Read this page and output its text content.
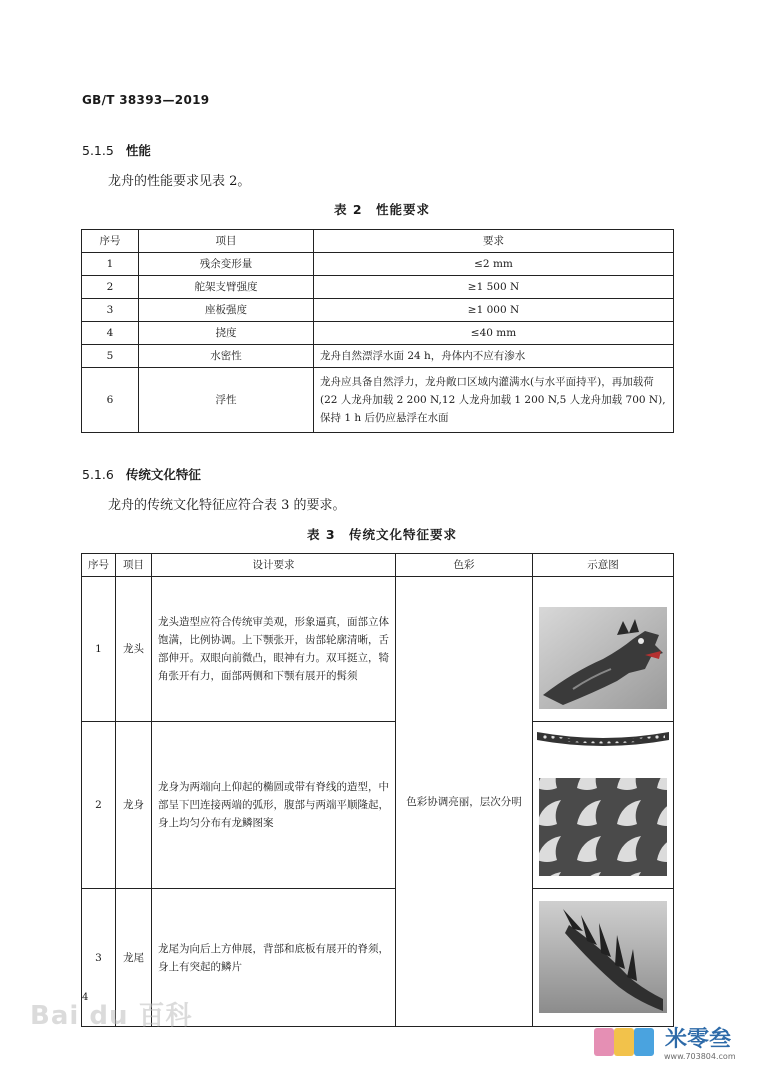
GB/T 38393—2019
5.1.5 性能
龙舟的性能要求见表 2。
表 2　性能要求
序号	项目	要求
1	残余变形量	≤2 mm
2	舵架支臂强度	≥1 500 N
3	座板强度	≥1 000 N
4	挠度	≤40 mm
5	水密性	龙舟自然漂浮水面 24 h，舟体内不应有渗水
6	浮性	龙舟应具备自然浮力，龙舟敞口区域内灌满水(与水平面持平)，再加载荷(22 人龙舟加载 2 200 N,12 人龙舟加载 1 200 N,5 人龙舟加载 700 N),保持 1 h 后仍应悬浮在水面
5.1.6 传统文化特征
龙舟的传统文化特征应符合表 3 的要求。
表 3　传统文化特征要求
序号	项目	设计要求	色彩	示意图
1	龙头	龙头造型应符合传统审美观，形象逼真，面部立体饱满，比例协调。上下颚张开，齿部轮廓清晰，舌部伸开。双眼向前微凸，眼神有力。双耳挺立，犄角张开有力，面部两侧和下颚有展开的髯须	色彩协调亮丽，层次分明	
2	龙身	龙身为两端向上仰起的椭圆或带有脊线的造型，中部呈下凹连接两端的弧形，腹部与两端平顺隆起，身上均匀分布有龙鳞图案	
3	龙尾	龙尾为向后上方伸展，背部和底板有展开的脊须，身上有突起的鳞片	
4
Bai du 百科
米零叁
www.703804.com
